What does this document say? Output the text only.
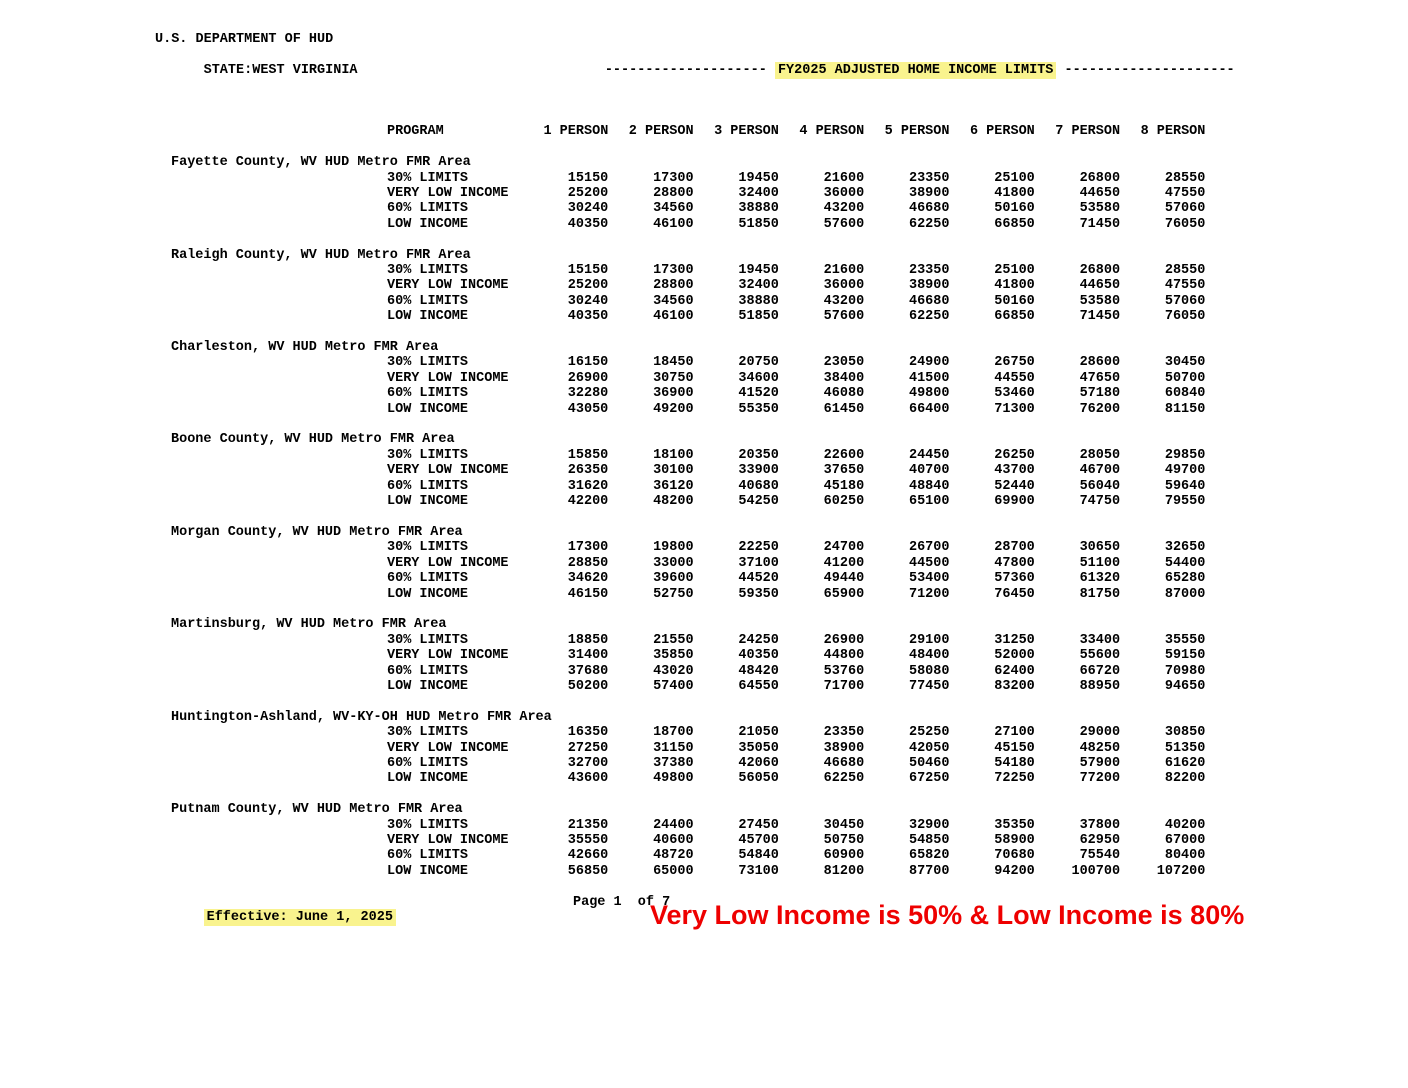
U.S. DEPARTMENT OF HUD

STATE:WEST VIRGINIA
	-------------------- FY2025 ADJUSTED HOME INCOME LIMITS ---------------------

PROGRAM	1 PERSON	2 PERSON	3 PERSON	4 PERSON	5 PERSON	6 PERSON	7 PERSON	8 PERSON
Fayette County, WV HUD Metro FMR Area
30% LIMITS	15150	17300	19450	21600	23350	25100	26800	28550
VERY LOW INCOME	25200	28800	32400	36000	38900	41800	44650	47550
60% LIMITS	30240	34560	38880	43200	46680	50160	53580	57060
LOW INCOME	40350	46100	51850	57600	62250	66850	71450	76050
Raleigh County, WV HUD Metro FMR Area
30% LIMITS	15150	17300	19450	21600	23350	25100	26800	28550
VERY LOW INCOME	25200	28800	32400	36000	38900	41800	44650	47550
60% LIMITS	30240	34560	38880	43200	46680	50160	53580	57060
LOW INCOME	40350	46100	51850	57600	62250	66850	71450	76050
Charleston, WV HUD Metro FMR Area
30% LIMITS	16150	18450	20750	23050	24900	26750	28600	30450
VERY LOW INCOME	26900	30750	34600	38400	41500	44550	47650	50700
60% LIMITS	32280	36900	41520	46080	49800	53460	57180	60840
LOW INCOME	43050	49200	55350	61450	66400	71300	76200	81150
Boone County, WV HUD Metro FMR Area
30% LIMITS	15850	18100	20350	22600	24450	26250	28050	29850
VERY LOW INCOME	26350	30100	33900	37650	40700	43700	46700	49700
60% LIMITS	31620	36120	40680	45180	48840	52440	56040	59640
LOW INCOME	42200	48200	54250	60250	65100	69900	74750	79550
Morgan County, WV HUD Metro FMR Area
30% LIMITS	17300	19800	22250	24700	26700	28700	30650	32650
VERY LOW INCOME	28850	33000	37100	41200	44500	47800	51100	54400
60% LIMITS	34620	39600	44520	49440	53400	57360	61320	65280
LOW INCOME	46150	52750	59350	65900	71200	76450	81750	87000
Martinsburg, WV HUD Metro FMR Area
30% LIMITS	18850	21550	24250	26900	29100	31250	33400	35550
VERY LOW INCOME	31400	35850	40350	44800	48400	52000	55600	59150
60% LIMITS	37680	43020	48420	53760	58080	62400	66720	70980
LOW INCOME	50200	57400	64550	71700	77450	83200	88950	94650
Huntington-Ashland, WV-KY-OH HUD Metro FMR Area
30% LIMITS	16350	18700	21050	23350	25250	27100	29000	30850
VERY LOW INCOME	27250	31150	35050	38900	42050	45150	48250	51350
60% LIMITS	32700	37380	42060	46680	50460	54180	57900	61620
LOW INCOME	43600	49800	56050	62250	67250	72250	77200	82200
Putnam County, WV HUD Metro FMR Area
30% LIMITS	21350	24400	27450	30450	32900	35350	37800	40200
VERY LOW INCOME	35550	40600	45700	50750	54850	58900	62950	67000
60% LIMITS	42660	48720	54840	60900	65820	70680	75540	80400
LOW INCOME	56850	65000	73100	81200	87700	94200	100700	107200

Effective: June 1, 2025

Page 1  of 7

Very Low Income is 50% & Low Income is 80%
